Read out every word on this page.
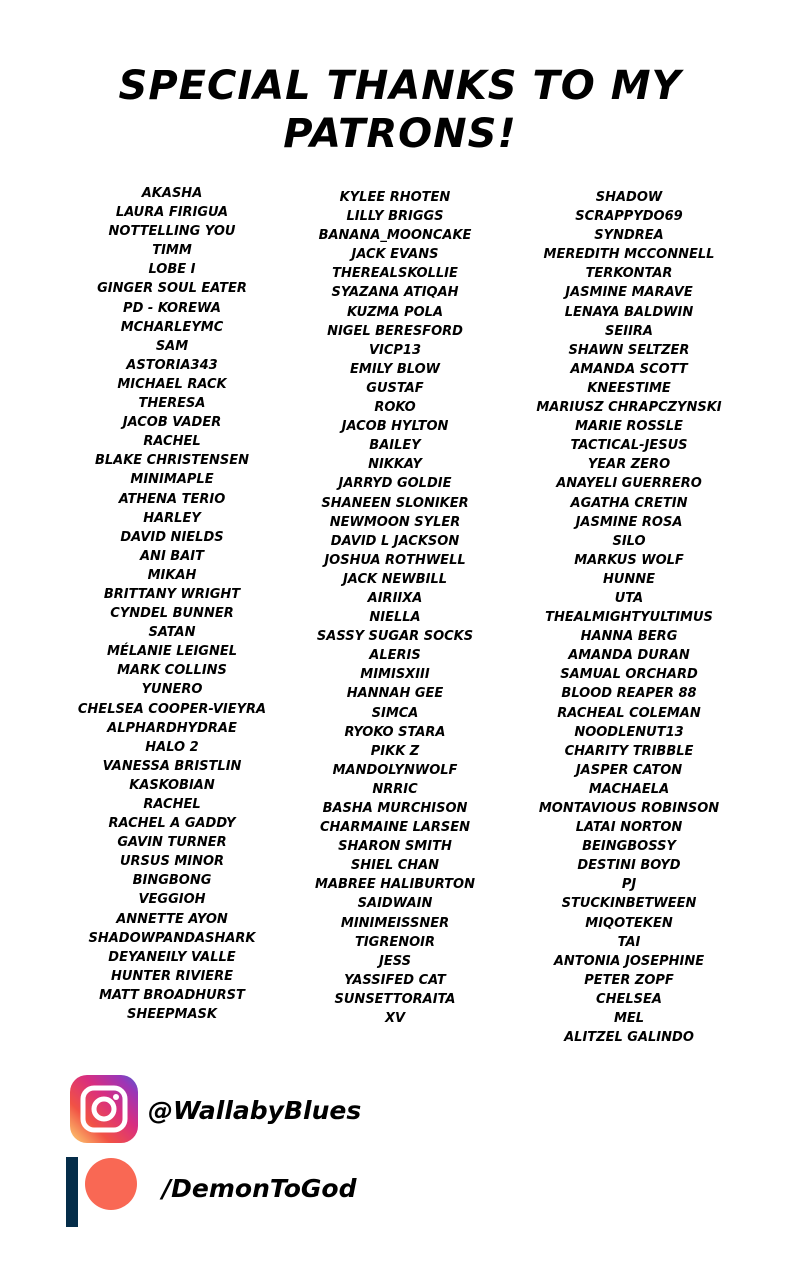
SPECIAL THANKS TO MY PATRONS!
AKASHA
LAURA FIRIGUA
NOTTELLING YOU
TIMM
LOBE I
GINGER SOUL EATER
PD - KOREWA
MCHARLEYMC
SAM
ASTORIA343
MICHAEL RACK
THERESA
JACOB VADER
RACHEL
BLAKE CHRISTENSEN
MINIMAPLE
ATHENA TERIO
HARLEY
DAVID NIELDS
ANI BAIT
MIKAH
BRITTANY WRIGHT
CYNDEL BUNNER
SATAN
MÉLANIE LEIGNEL
MARK COLLINS
YUNERO
CHELSEA COOPER-VIEYRA
ALPHARDHYDRAE
HALO 2
VANESSA BRISTLIN
KASKOBIAN
RACHEL
RACHEL A GADDY
GAVIN TURNER
URSUS MINOR
BINGBONG
VEGGIOH
ANNETTE AYON
SHADOWPANDASHARK
DEYANEILY VALLE
HUNTER RIVIERE
MATT BROADHURST
SHEEPMASK
KYLEE RHOTEN
LILLY BRIGGS
BANANA_MOONCAKE
JACK EVANS
THEREALSKOLLIE
SYAZANA ATIQAH
KUZMA POLA
NIGEL BERESFORD
VICP13
EMILY BLOW
GUSTAF
ROKO
JACOB HYLTON
BAILEY
NIKKAY
JARRYD GOLDIE
SHANEEN SLONIKER
NEWMOON SYLER
DAVID L JACKSON
JOSHUA ROTHWELL
JACK NEWBILL
AIRIIXA
NIELLA
SASSY SUGAR SOCKS
ALERIS
MIMISXIII
HANNAH GEE
SIMCA
RYOKO STARA
PIKK Z
MANDOLYNWOLF
NRRIC
BASHA MURCHISON
CHARMAINE LARSEN
SHARON SMITH
SHIEL CHAN
MABREE HALIBURTON
SAIDWAIN
MINIMEISSNER
TIGRENOIR
JESS
YASSIFED CAT
SUNSETTORAITA
XV
SHADOW
SCRAPPYDO69
SYNDREA
MEREDITH MCCONNELL
TERKONTAR
JASMINE MARAVE
LENAYA BALDWIN
SEIIRA
SHAWN SELTZER
AMANDA SCOTT
KNEESTIME
MARIUSZ CHRAPCZYNSKI
MARIE ROSSLE
TACTICAL-JESUS
YEAR ZERO
ANAYELI GUERRERO
AGATHA CRETIN
JASMINE ROSA
SILO
MARKUS WOLF
HUNNE
UTA
THEALMIGHTYULTIMUS
HANNA BERG
AMANDA DURAN
SAMUAL ORCHARD
BLOOD REAPER 88
RACHEAL COLEMAN
NOODLENUT13
CHARITY TRIBBLE
JASPER CATON
MACHAELA
MONTAVIOUS ROBINSON
LATAI NORTON
BEINGBOSSY
DESTINI BOYD
PJ
STUCKINBETWEEN
MIQOTEKEN
TAI
ANTONIA JOSEPHINE
PETER ZOPF
CHELSEA
MEL
ALITZEL GALINDO
@WallabyBlues
/DemonToGod
